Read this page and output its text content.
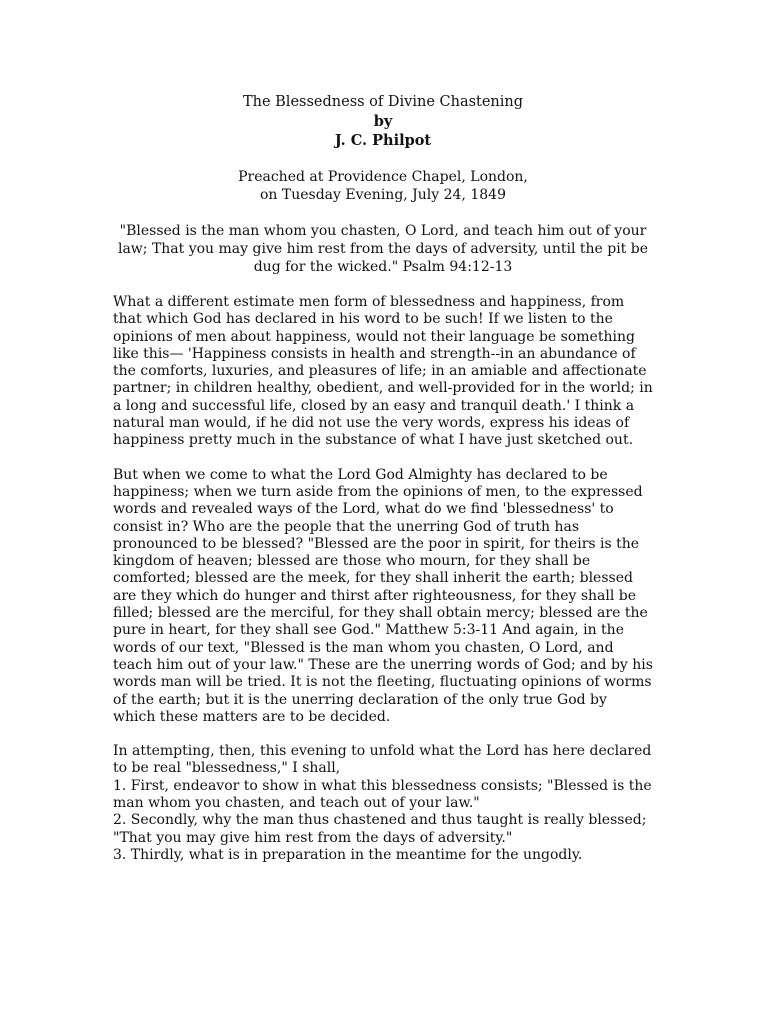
The Blessedness of Divine Chastening
by
J. C. Philpot
Preached at Providence Chapel, London,
on Tuesday Evening, July 24, 1849
"Blessed is the man whom you chasten, O Lord, and teach him out of your law; That you may give him rest from the days of adversity, until the pit be dug for the wicked." Psalm 94:12-13

What a different estimate men form of blessedness and happiness, from that which God has declared in his word to be such! If we listen to the opinions of men about happiness, would not their language be something like this— 'Happiness consists in health and strength--in an abundance of the comforts, luxuries, and pleasures of life; in an amiable and affectionate partner; in children healthy, obedient, and well-provided for in the world; in a long and successful life, closed by an easy and tranquil death.' I think a natural man would, if he did not use the very words, express his ideas of happiness pretty much in the substance of what I have just sketched out.

But when we come to what the Lord God Almighty has declared to be happiness; when we turn aside from the opinions of men, to the expressed words and revealed ways of the Lord, what do we find 'blessedness' to consist in? Who are the people that the unerring God of truth has pronounced to be blessed? "Blessed are the poor in spirit, for theirs is the kingdom of heaven; blessed are those who mourn, for they shall be comforted; blessed are the meek, for they shall inherit the earth; blessed are they which do hunger and thirst after righteousness, for they shall be filled; blessed are the merciful, for they shall obtain mercy; blessed are the pure in heart, for they shall see God." Matthew 5:3-11 And again, in the words of our text, "Blessed is the man whom you chasten, O Lord, and teach him out of your law." These are the unerring words of God; and by his words man will be tried. It is not the fleeting, fluctuating opinions of worms of the earth; but it is the unerring declaration of the only true God by which these matters are to be decided.

In attempting, then, this evening to unfold what the Lord has here declared to be real "blessedness," I shall,
1. First, endeavor to show in what this blessedness consists; "Blessed is the man whom you chasten, and teach out of your law."
2. Secondly, why the man thus chastened and thus taught is really blessed; "That you may give him rest from the days of adversity."
3. Thirdly, what is in preparation in the meantime for the ungodly.
